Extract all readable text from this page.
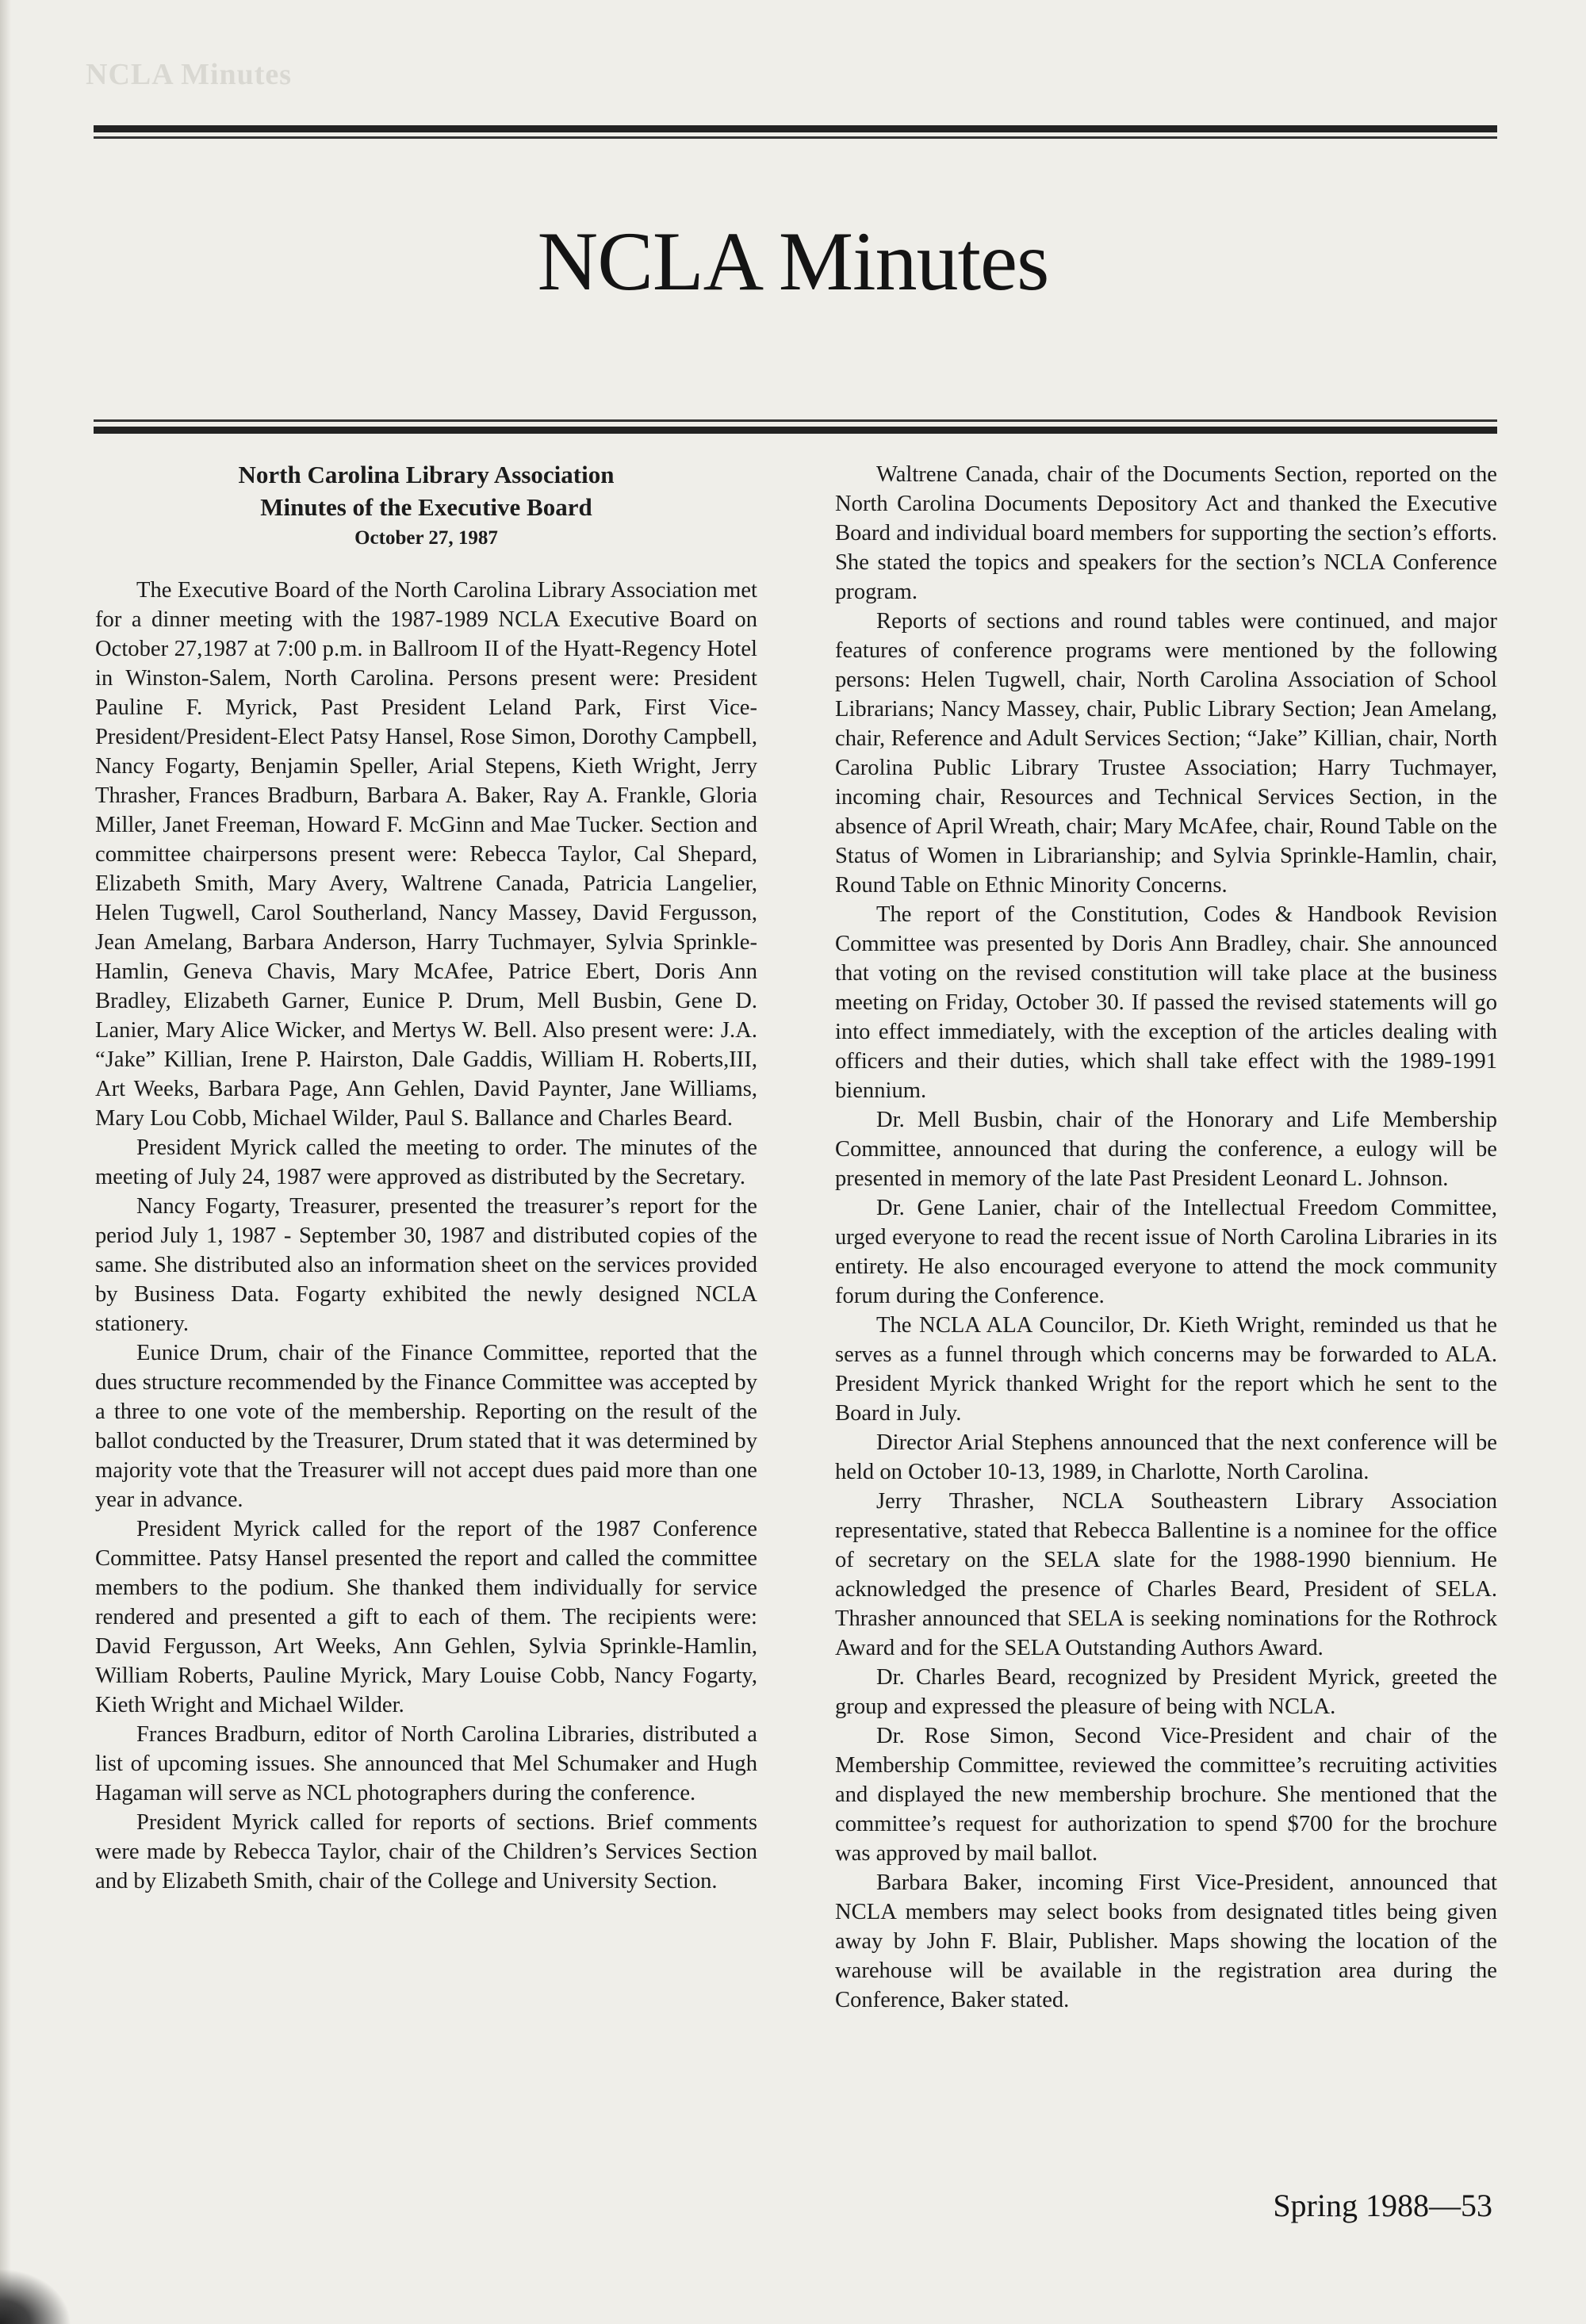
NCLA Minutes
NCLA Minutes
North Carolina Library Association
Minutes of the Executive Board
October 27, 1987

The Executive Board of the North Carolina Library Association met for a dinner meeting with the 1987-1989 NCLA Executive Board on October 27,1987 at 7:00 p.m. in Ballroom II of the Hyatt-Regency Hotel in Winston-Salem, North Carolina. Persons present were: President Pauline F. Myrick, Past President Leland Park, First Vice-President/President-Elect Patsy Hansel, Rose Simon, Dorothy Campbell, Nancy Fogarty, Benjamin Speller, Arial Stepens, Kieth Wright, Jerry Thrasher, Frances Bradburn, Barbara A. Baker, Ray A. Frankle, Gloria Miller, Janet Freeman, Howard F. McGinn and Mae Tucker. Section and committee chairpersons present were: Rebecca Taylor, Cal Shepard, Elizabeth Smith, Mary Avery, Waltrene Canada, Patricia Langelier, Helen Tugwell, Carol Southerland, Nancy Massey, David Fergusson, Jean Amelang, Barbara Anderson, Harry Tuchmayer, Sylvia Sprinkle-Hamlin, Geneva Chavis, Mary McAfee, Patrice Ebert, Doris Ann Bradley, Elizabeth Garner, Eunice P. Drum, Mell Busbin, Gene D. Lanier, Mary Alice Wicker, and Mertys W. Bell. Also present were: J.A. “Jake” Killian, Irene P. Hairston, Dale Gaddis, William H. Roberts,III, Art Weeks, Barbara Page, Ann Gehlen, David Paynter, Jane Williams, Mary Lou Cobb, Michael Wilder, Paul S. Ballance and Charles Beard.

President Myrick called the meeting to order. The minutes of the meeting of July 24, 1987 were approved as distributed by the Secretary.

Nancy Fogarty, Treasurer, presented the treasurer’s report for the period July 1, 1987 - September 30, 1987 and distributed copies of the same. She distributed also an information sheet on the services provided by Business Data. Fogarty exhibited the newly designed NCLA stationery.

Eunice Drum, chair of the Finance Committee, reported that the dues structure recommended by the Finance Committee was accepted by a three to one vote of the membership. Reporting on the result of the ballot conducted by the Treasurer, Drum stated that it was determined by majority vote that the Treasurer will not accept dues paid more than one year in advance.

President Myrick called for the report of the 1987 Conference Committee. Patsy Hansel presented the report and called the committee members to the podium. She thanked them individually for service rendered and presented a gift to each of them. The recipients were: David Fergusson, Art Weeks, Ann Gehlen, Sylvia Sprinkle-Hamlin, William Roberts, Pauline Myrick, Mary Louise Cobb, Nancy Fogarty, Kieth Wright and Michael Wilder.

Frances Bradburn, editor of North Carolina Libraries, distributed a list of upcoming issues. She announced that Mel Schumaker and Hugh Hagaman will serve as NCL photographers during the conference.

President Myrick called for reports of sections. Brief comments were made by Rebecca Taylor, chair of the Children’s Services Section and by Elizabeth Smith, chair of the College and University Section.

Waltrene Canada, chair of the Documents Section, reported on the North Carolina Documents Depository Act and thanked the Executive Board and individual board members for supporting the section’s efforts. She stated the topics and speakers for the section’s NCLA Conference program.

Reports of sections and round tables were continued, and major features of conference programs were mentioned by the following persons: Helen Tugwell, chair, North Carolina Association of School Librarians; Nancy Massey, chair, Public Library Section; Jean Amelang, chair, Reference and Adult Services Section; “Jake” Killian, chair, North Carolina Public Library Trustee Association; Harry Tuchmayer, incoming chair, Resources and Technical Services Section, in the absence of April Wreath, chair; Mary McAfee, chair, Round Table on the Status of Women in Librarianship; and Sylvia Sprinkle-Hamlin, chair, Round Table on Ethnic Minority Concerns.

The report of the Constitution, Codes & Handbook Revision Committee was presented by Doris Ann Bradley, chair. She announced that voting on the revised constitution will take place at the business meeting on Friday, October 30. If passed the revised statements will go into effect immediately, with the exception of the articles dealing with officers and their duties, which shall take effect with the 1989-1991 biennium.

Dr. Mell Busbin, chair of the Honorary and Life Membership Committee, announced that during the conference, a eulogy will be presented in memory of the late Past President Leonard L. Johnson.

Dr. Gene Lanier, chair of the Intellectual Freedom Committee, urged everyone to read the recent issue of North Carolina Libraries in its entirety. He also encouraged everyone to attend the mock community forum during the Conference.

The NCLA ALA Councilor, Dr. Kieth Wright, reminded us that he serves as a funnel through which concerns may be forwarded to ALA. President Myrick thanked Wright for the report which he sent to the Board in July.

Director Arial Stephens announced that the next conference will be held on October 10-13, 1989, in Charlotte, North Carolina.

Jerry Thrasher, NCLA Southeastern Library Association representative, stated that Rebecca Ballentine is a nominee for the office of secretary on the SELA slate for the 1988-1990 biennium. He acknowledged the presence of Charles Beard, President of SELA. Thrasher announced that SELA is seeking nominations for the Rothrock Award and for the SELA Outstanding Authors Award.

Dr. Charles Beard, recognized by President Myrick, greeted the group and expressed the pleasure of being with NCLA.

Dr. Rose Simon, Second Vice-President and chair of the Membership Committee, reviewed the committee’s recruiting activities and displayed the new membership brochure. She mentioned that the committee’s request for authorization to spend $700 for the brochure was approved by mail ballot.

Barbara Baker, incoming First Vice-President, announced that NCLA members may select books from designated titles being given away by John F. Blair, Publisher. Maps showing the location of the warehouse will be available in the registration area during the Conference, Baker stated.

Spring 1988—53
